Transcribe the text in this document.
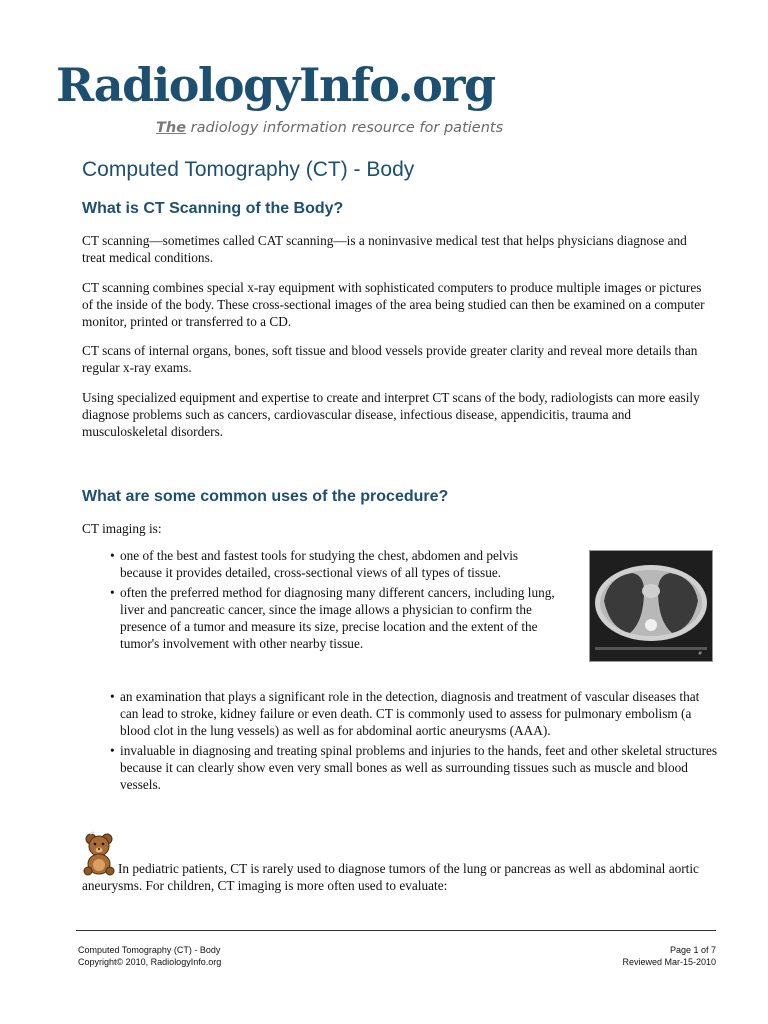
RadiologyInfo.org
The radiology information resource for patients
Computed Tomography (CT) - Body
What is CT Scanning of the Body?

CT scanning—sometimes called CAT scanning—is a noninvasive medical test that helps physicians diagnose and treat medical conditions.

CT scanning combines special x-ray equipment with sophisticated computers to produce multiple images or pictures of the inside of the body. These cross-sectional images of the area being studied can then be examined on a computer monitor, printed or transferred to a CD.

CT scans of internal organs, bones, soft tissue and blood vessels provide greater clarity and reveal more details than regular x-ray exams.

Using specialized equipment and expertise to create and interpret CT scans of the body, radiologists can more easily diagnose problems such as cancers, cardiovascular disease, infectious disease, appendicitis, trauma and musculoskeletal disorders.

What are some common uses of the procedure?

CT imaging is:

• one of the best and fastest tools for studying the chest, abdomen and pelvis because it provides detailed, cross-sectional views of all types of tissue.
• often the preferred method for diagnosing many different cancers, including lung, liver and pancreatic cancer, since the image allows a physician to confirm the presence of a tumor and measure its size, precise location and the extent of the tumor's involvement with other nearby tissue.
#
• an examination that plays a significant role in the detection, diagnosis and treatment of vascular diseases that can lead to stroke, kidney failure or even death. CT is commonly used to assess for pulmonary embolism (a blood clot in the lung vessels) as well as for abdominal aortic aneurysms (AAA).
• invaluable in diagnosing and treating spinal problems and injuries to the hands, feet and other skeletal structures because it can clearly show even very small bones as well as surrounding tissues such as muscle and blood vessels.

In pediatric patients, CT is rarely used to diagnose tumors of the lung or pancreas as well as abdominal aortic aneurysms. For children, CT imaging is more often used to evaluate:

Computed Tomography (CT) - Body
Copyright© 2010, RadiologyInfo.org
Page 1 of 7
Reviewed Mar-15-2010
